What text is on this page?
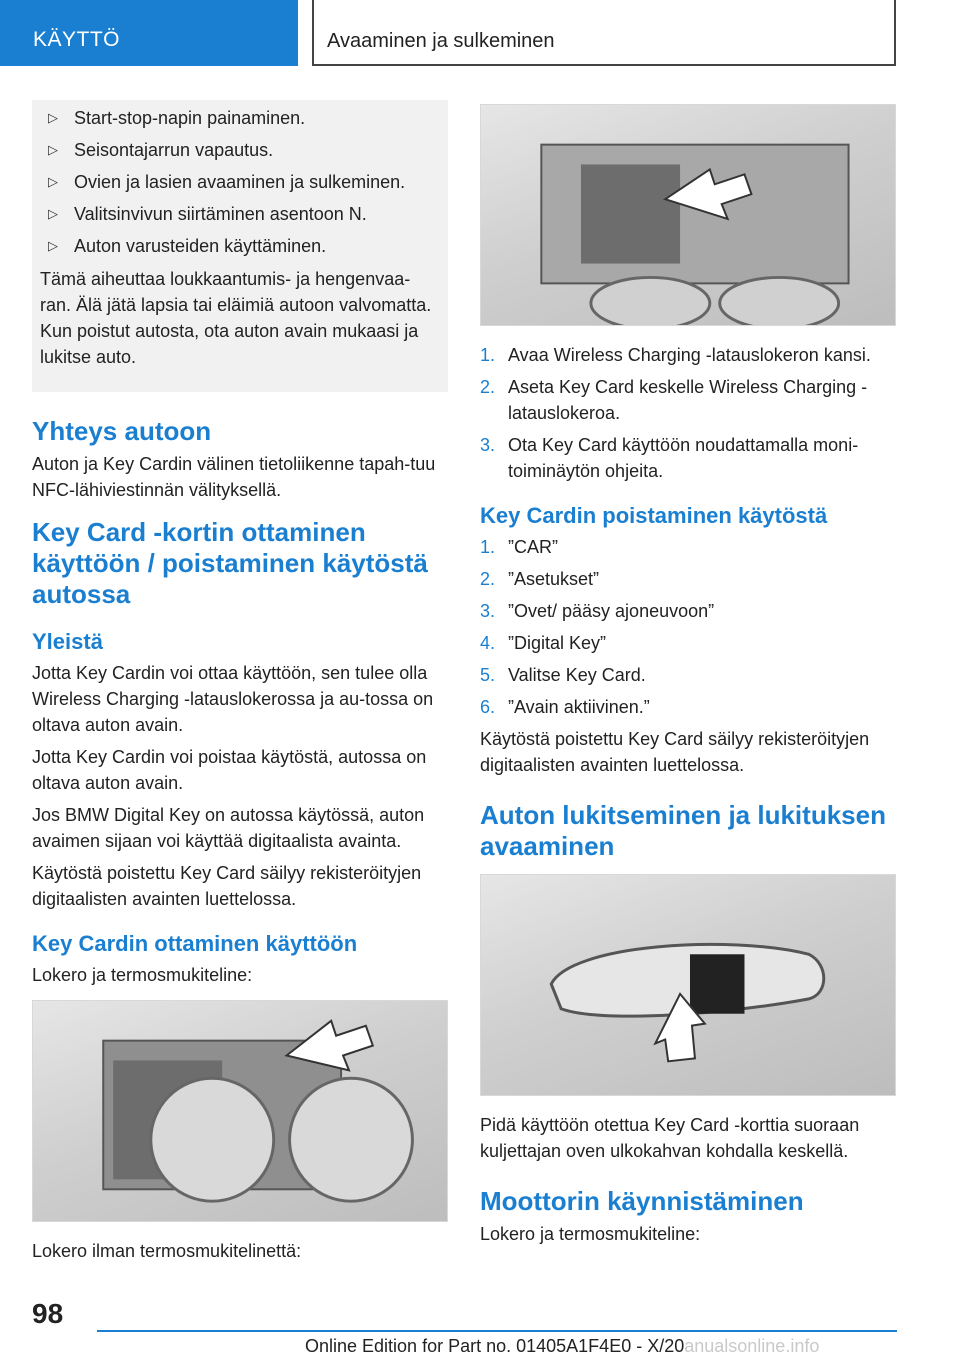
KÄYTTÖ	Avaaminen ja sulkeminen
▷ Start-stop-napin painaminen.
▷ Seisontajarrun vapautus.
▷ Ovien ja lasien avaaminen ja sulkeminen.
▷ Valitsinvivun siirtäminen asentoon N.
▷ Auton varusteiden käyttäminen.

Tämä aiheuttaa loukkaantumis- ja hengenvaa-ran. Älä jätä lapsia tai eläimiä autoon valvomatta. Kun poistut autosta, ota auton avain mukaasi ja lukitse auto.

Yhteys autoon

Auton ja Key Cardin välinen tietoliikenne tapah-tuu NFC-lähiviestinnän välityksellä.

Key Card -kortin ottaminen käyttöön / poistaminen käytöstä autossa
Yleistä

Jotta Key Cardin voi ottaa käyttöön, sen tulee olla Wireless Charging -latauslokerossa ja au-tossa on oltava auton avain.

Jotta Key Cardin voi poistaa käytöstä, autossa on oltava auton avain.

Jos BMW Digital Key on autossa käytössä, auton avaimen sijaan voi käyttää digitaalista avainta.

Käytöstä poistettu Key Card säilyy rekisteröityjen digitaalisten avainten luettelossa.

Key Cardin ottaminen käyttöön

Lokero ja termosmukiteline:

Lokero ilman termosmukitelinettä:

1. Avaa Wireless Charging -latauslokeron kansi.
2. Aseta Key Card keskelle Wireless Charging -latauslokeroa.
3. Ota Key Card käyttöön noudattamalla moni-toiminäytön ohjeita.
Key Cardin poistaminen käytöstä
1. ”CAR”
2. ”Asetukset”
3. ”Ovet/ pääsy ajoneuvoon”
4. ”Digital Key”
5. Valitse Key Card.
6. ”Avain aktiivinen.”

Käytöstä poistettu Key Card säilyy rekisteröityjen digitaalisten avainten luettelossa.

Auton lukitseminen ja lukituksen avaaminen

Pidä käyttöön otettua Key Card -korttia suoraan kuljettajan oven ulkokahvan kohdalla keskellä.

Moottorin käynnistäminen

Lokero ja termosmukiteline:

98
Online Edition for Part no. 01405A1F4E0 - X/20anualsonline.info
